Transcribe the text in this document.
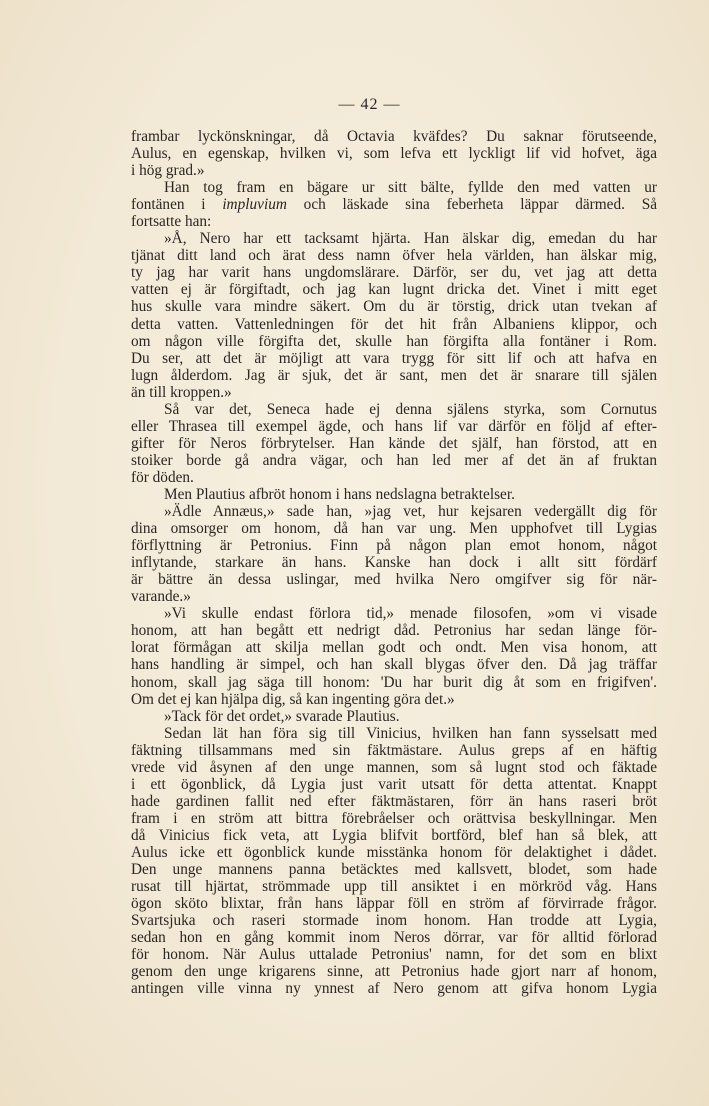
— 42 —
frambar lyckönskningar, då Octavia kväfdes? Du saknar förutseende,
Aulus, en egenskap, hvilken vi, som lefva ett lyckligt lif vid hofvet, äga
i hög grad.»
Han tog fram en bägare ur sitt bälte, fyllde den med vatten ur
fontänen i impluvium och läskade sina feberheta läppar därmed. Så
fortsatte han:
»Å, Nero har ett tacksamt hjärta. Han älskar dig, emedan du har
tjänat ditt land och ärat dess namn öfver hela världen, han älskar mig,
ty jag har varit hans ungdomslärare. Därför, ser du, vet jag att detta
vatten ej är förgiftadt, och jag kan lugnt dricka det. Vinet i mitt eget
hus skulle vara mindre säkert. Om du är törstig, drick utan tvekan af
detta vatten. Vattenledningen för det hit från Albaniens klippor, och
om någon ville förgifta det, skulle han förgifta alla fontäner i Rom.
Du ser, att det är möjligt att vara trygg för sitt lif och att hafva en
lugn ålderdom. Jag är sjuk, det är sant, men det är snarare till själen
än till kroppen.»
Så var det, Seneca hade ej denna själens styrka, som Cornutus
eller Thrasea till exempel ägde, och hans lif var därför en följd af efter-
gifter för Neros förbrytelser. Han kände det själf, han förstod, att en
stoiker borde gå andra vägar, och han led mer af det än af fruktan
för döden.
Men Plautius afbröt honom i hans nedslagna betraktelser.
»Ädle Annæus,» sade han, »jag vet, hur kejsaren vedergällt dig för
dina omsorger om honom, då han var ung. Men upphofvet till Lygias
förflyttning är Petronius. Finn på någon plan emot honom, något
inflytande, starkare än hans. Kanske han dock i allt sitt fördärf
är bättre än dessa uslingar, med hvilka Nero omgifver sig för när-
varande.»
»Vi skulle endast förlora tid,» menade filosofen, »om vi visade
honom, att han begått ett nedrigt dåd. Petronius har sedan länge för-
lorat förmågan att skilja mellan godt och ondt. Men visa honom, att
hans handling är simpel, och han skall blygas öfver den. Då jag träffar
honom, skall jag säga till honom: 'Du har burit dig åt som en frigifven'.
Om det ej kan hjälpa dig, så kan ingenting göra det.»
»Tack för det ordet,» svarade Plautius.
Sedan lät han föra sig till Vinicius, hvilken han fann sysselsatt med
fäktning tillsammans med sin fäktmästare. Aulus greps af en häftig
vrede vid åsynen af den unge mannen, som så lugnt stod och fäktade
i ett ögonblick, då Lygia just varit utsatt för detta attentat. Knappt
hade gardinen fallit ned efter fäktmästaren, förr än hans raseri bröt
fram i en ström att bittra förebråelser och orättvisa beskyllningar. Men
då Vinicius fick veta, att Lygia blifvit bortförd, blef han så blek, att
Aulus icke ett ögonblick kunde misstänka honom för delaktighet i dådet.
Den unge mannens panna betäcktes med kallsvett, blodet, som hade
rusat till hjärtat, strömmade upp till ansiktet i en mörkröd våg. Hans
ögon sköto blixtar, från hans läppar föll en ström af förvirrade frågor.
Svartsjuka och raseri stormade inom honom. Han trodde att Lygia,
sedan hon en gång kommit inom Neros dörrar, var för alltid förlorad
för honom. När Aulus uttalade Petronius' namn, for det som en blixt
genom den unge krigarens sinne, att Petronius hade gjort narr af honom,
antingen ville vinna ny ynnest af Nero genom att gifva honom Lygia
